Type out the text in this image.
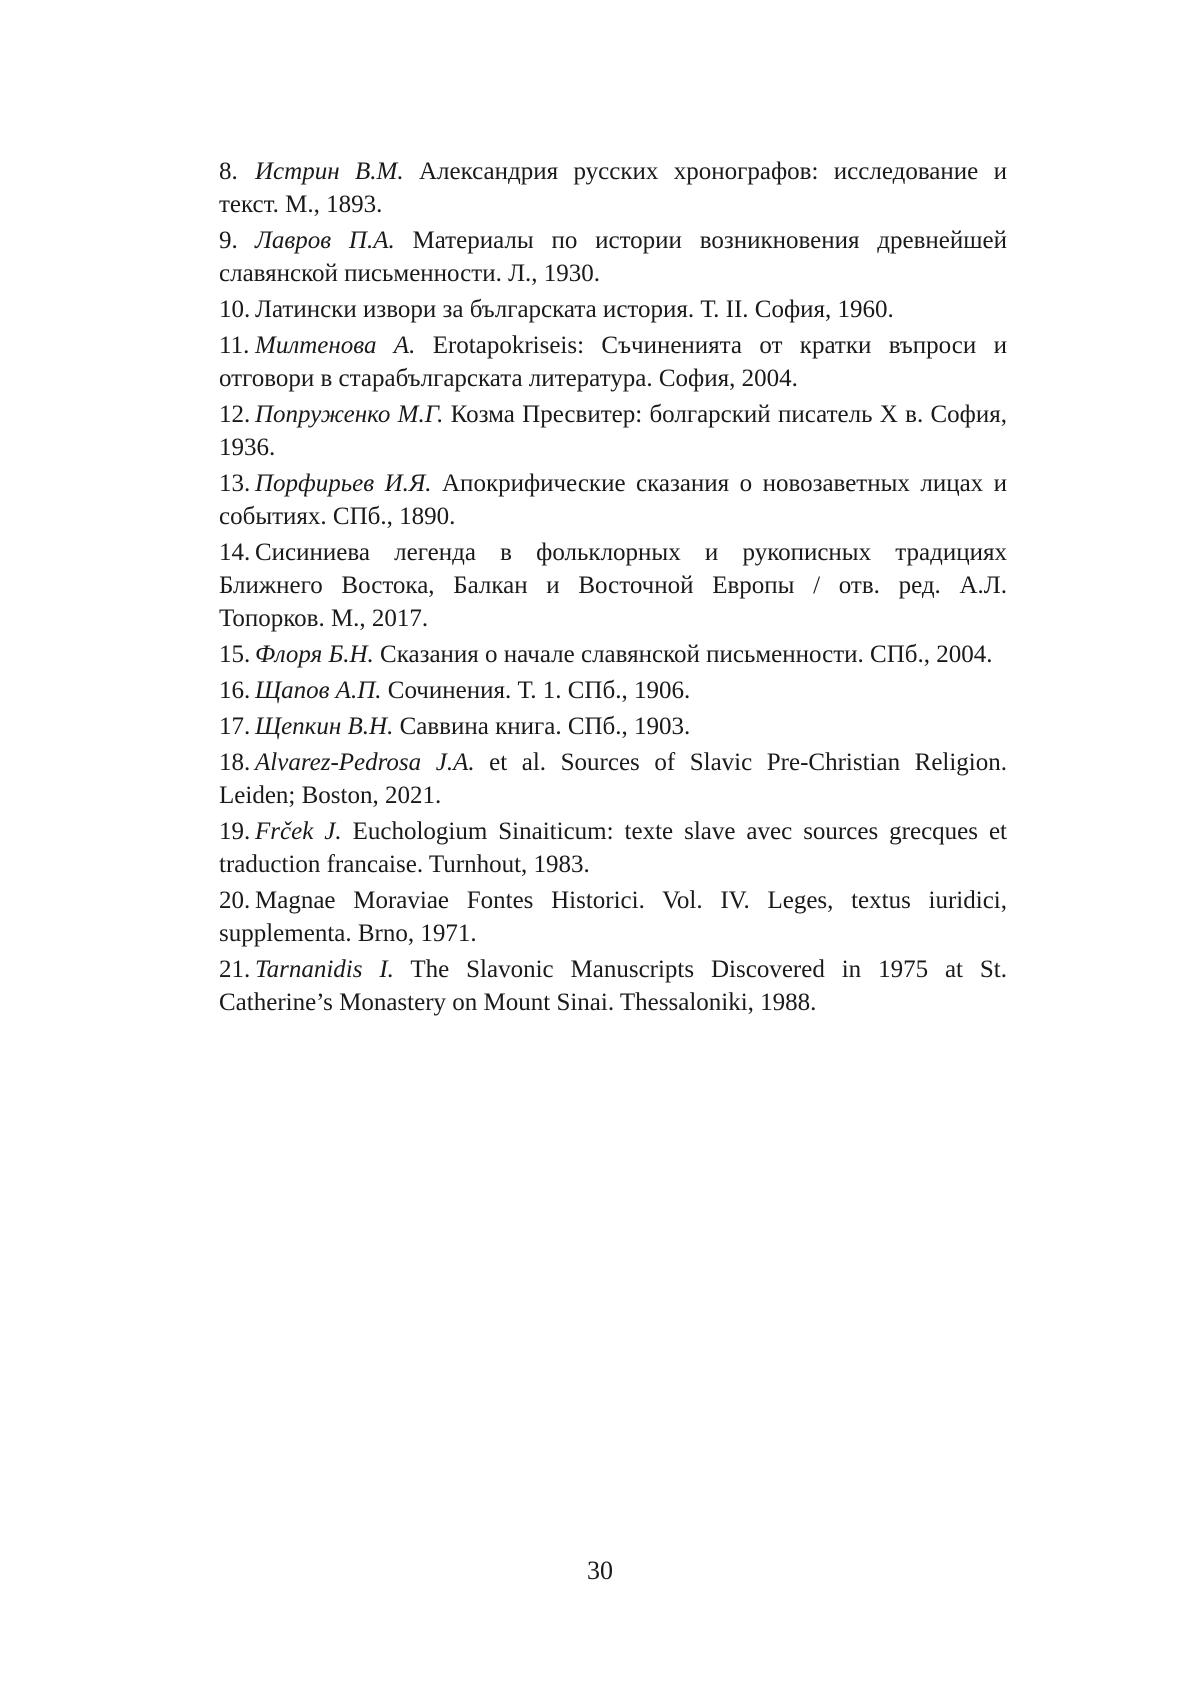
8. Истрин В.М. Александрия русских хронографов: исследование и текст. М., 1893.
9. Лавров П.А. Материалы по истории возникновения древнейшей славянской письменности. Л., 1930.
10. Латински извори за българската история. Т. II. София, 1960.
11. Милтенова А. Erotapokriseis: Съчиненията от кратки въпроси и отговори в старабългарската литература. София, 2004.
12. Попруженко М.Г. Козма Пресвитер: болгарский писатель X в. София, 1936.
13. Порфирьев И.Я. Апокрифические сказания о новозаветных лицах и событиях. СПб., 1890.
14. Сисиниева легенда в фольклорных и рукописных традициях Ближнего Востока, Балкан и Восточной Европы / отв. ред. А.Л. Топорков. М., 2017.
15. Флоря Б.Н. Сказания о начале славянской письменности. СПб., 2004.
16. Щапов А.П. Сочинения. Т. 1. СПб., 1906.
17. Щепкин В.Н. Саввина книга. СПб., 1903.
18. Alvarez-Pedrosa J.A. et al. Sources of Slavic Pre-Christian Religion. Leiden; Boston, 2021.
19. Frček J. Euchologium Sinaiticum: texte slave avec sources grecques et traduction francaise. Turnhout, 1983.
20. Magnae Moraviae Fontes Historici. Vol. IV. Leges, textus iuridici, supplementa. Brno, 1971.
21. Tarnanidis I. The Slavonic Manuscripts Discovered in 1975 at St. Catherine’s Monastery on Mount Sinai. Thessaloniki, 1988.
30
